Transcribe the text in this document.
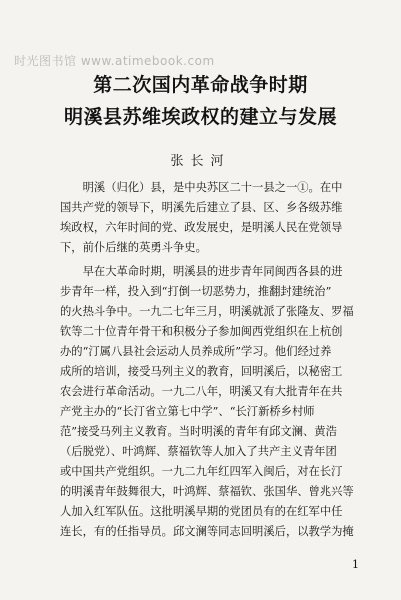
时光图书馆 www.atimebook.com
第二次国内革命战争时期
明溪县苏维埃政权的建立与发展
张长河
　　明溪（归化）县，是中央苏区二十一县之一①。在中
国共产党的领导下，明溪先后建立了县、区、乡各级苏维
埃政权，六年时间的党、政发展史，是明溪人民在党领导
下，前仆后继的英勇斗争史。
　　早在大革命时期，明溪县的进步青年同闽西各县的进
步青年一样，投入到“打倒一切恶势力，推翻封建统治”
的火热斗争中。一九二七年三月，明溪就派了张隆友、罗福
钦等二十位青年骨干和积极分子参加闽西党组织在上杭创
办的“汀属八县社会运动人员养成所”学习。他们经过养
成所的培训，接受马列主义的教育，回明溪后，以秘密工
农会进行革命活动。一九二八年，明溪又有大批青年在共
产党主办的“长汀省立第七中学”、“长汀新桥乡村师
范”接受马列主义教育。当时明溪的青年有邱文澜、黄浩
（后脱党）、叶鸿辉、蔡福钦等人加入了共产主义青年团
或中国共产党组织。一九二九年红四军入闽后，对在长汀
的明溪青年鼓舞很大，叶鸿辉、蔡福钦、张国华、曾兆兴等
人加入红军队伍。这批明溪早期的党团员有的在红军中任
连长，有的任指导员。邱文澜等同志回明溪后，以教学为掩
1
